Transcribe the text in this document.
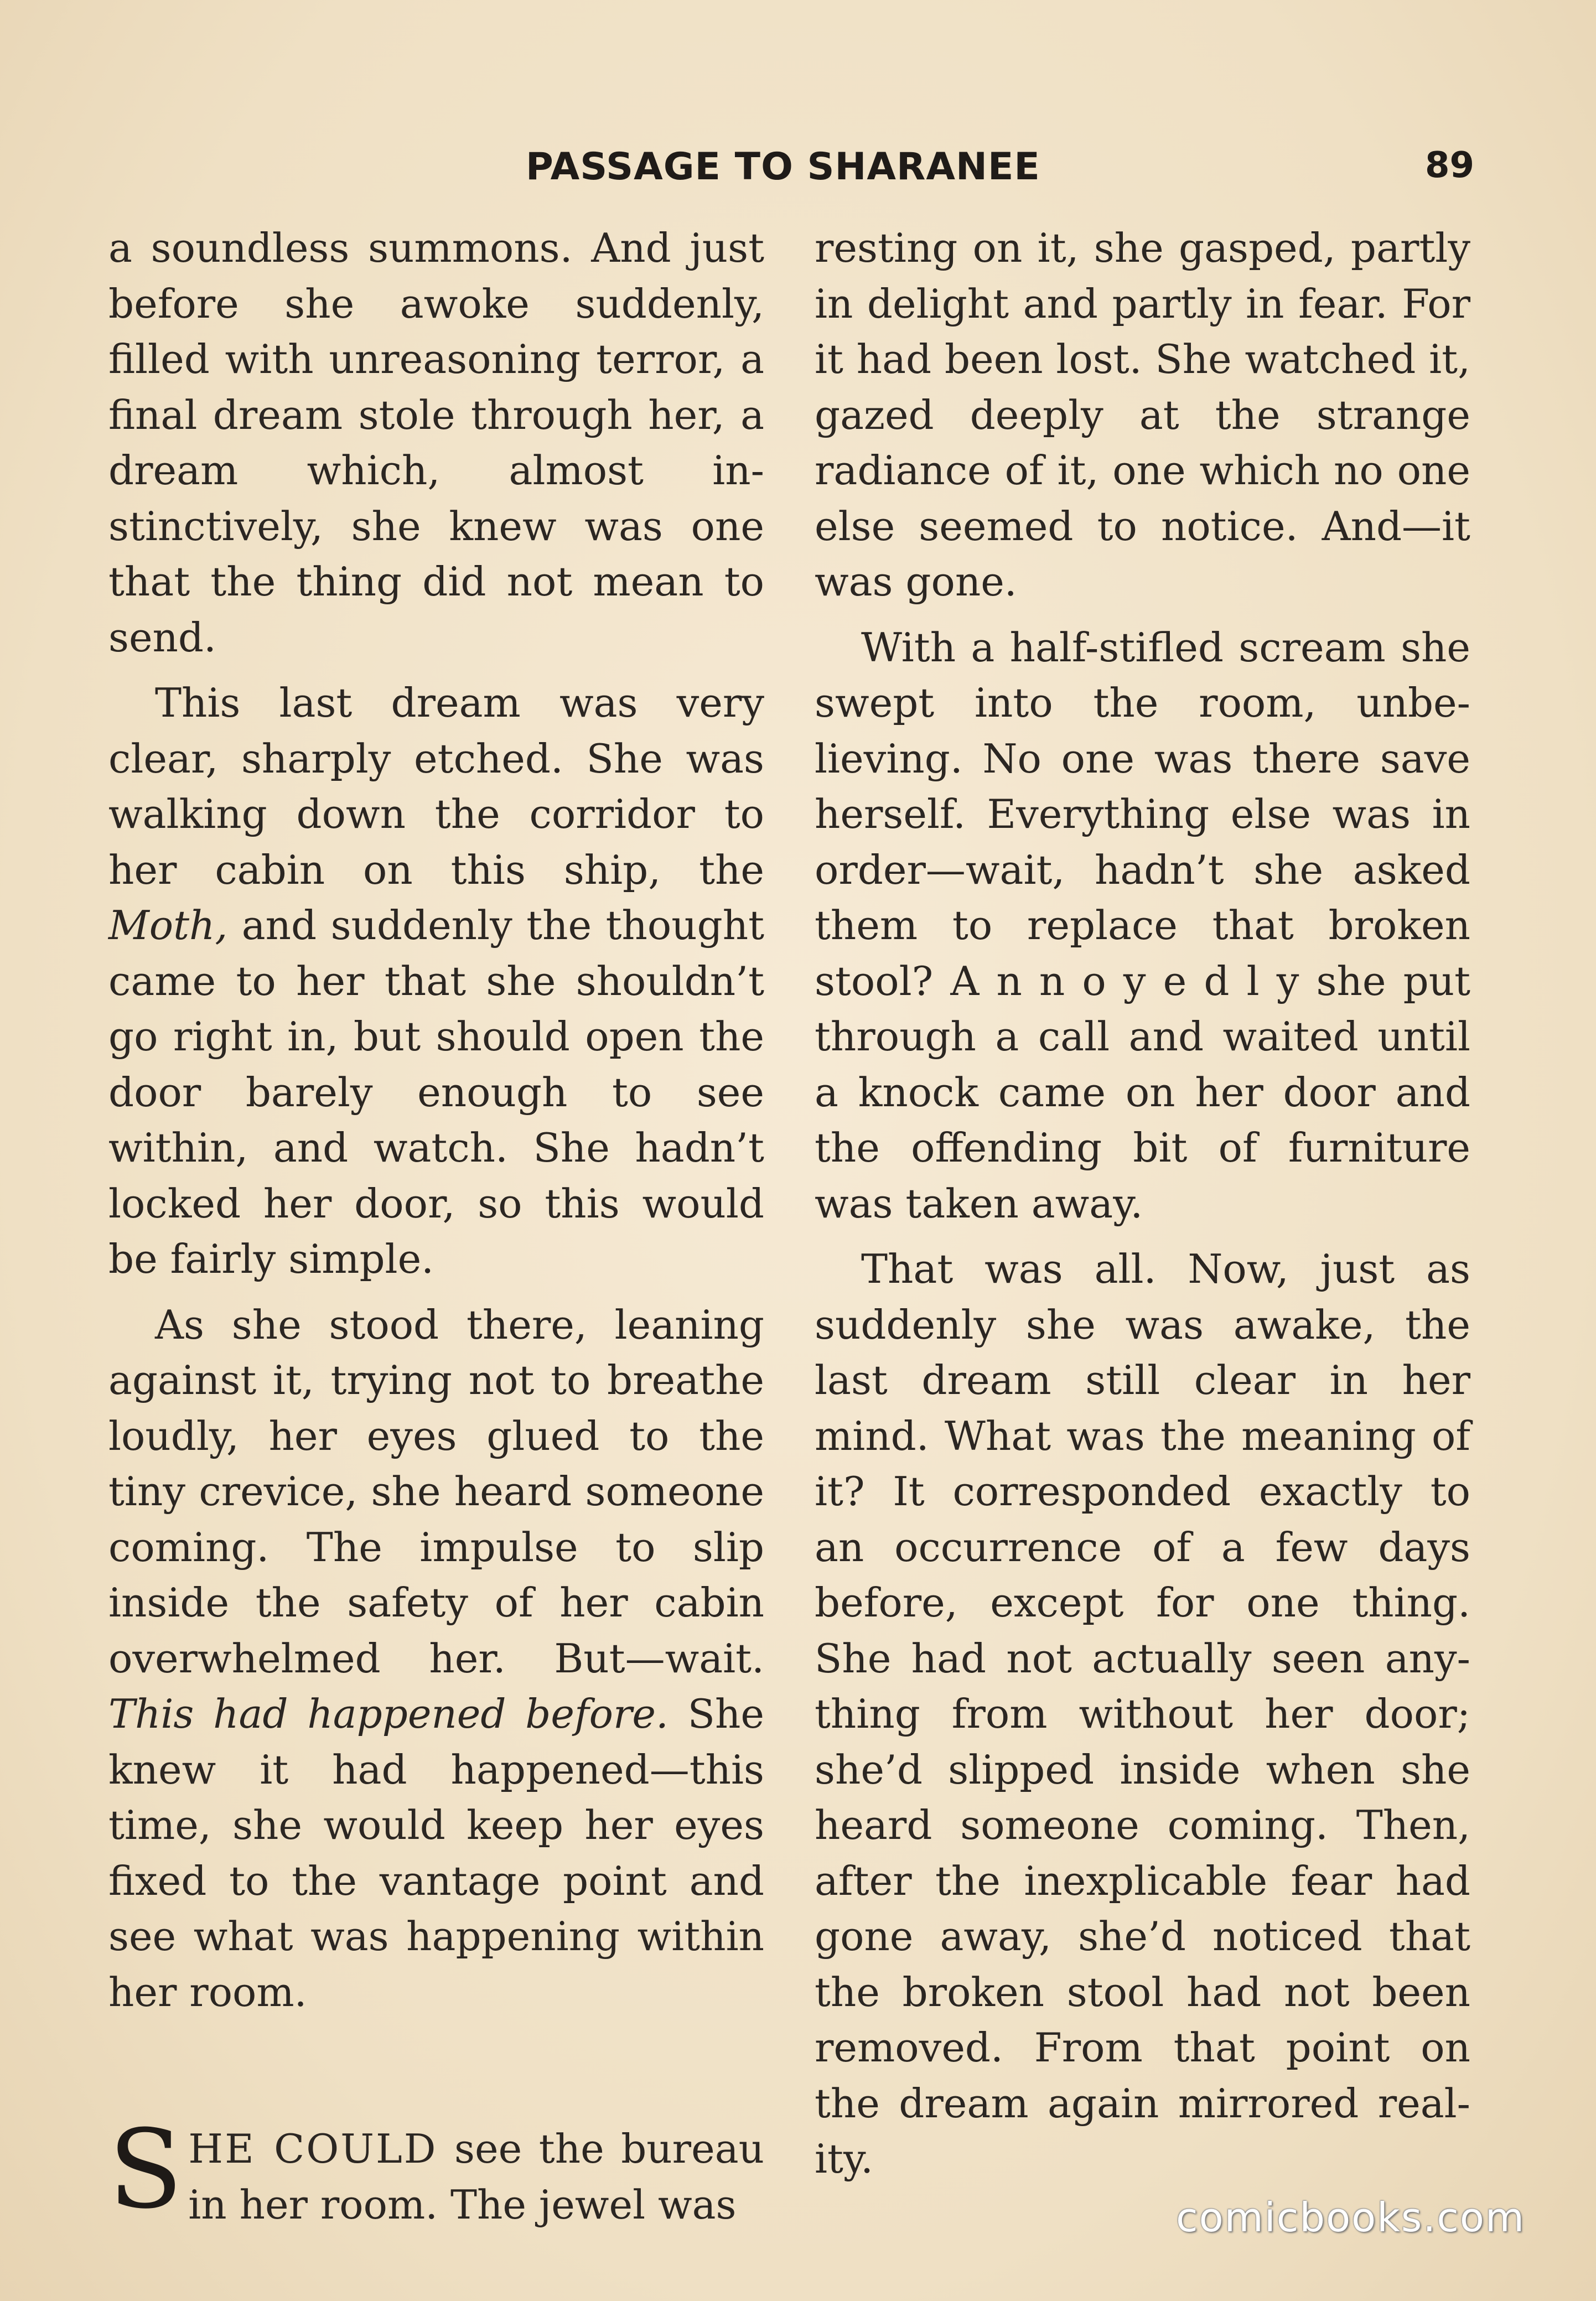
PASSAGE TO SHARANEE	89

a soundless summons. And just before she awoke suddenly, filled with unreasoning terror, a final dream stole through her, a dream which, almost instinctively, she knew was one that the thing did not mean to send.

This last dream was very clear, sharply etched. She was walking down the corridor to her cabin on this ship, the Moth, and suddenly the thought came to her that she shouldn’t go right in, but should open the door barely enough to see within, and watch. She hadn’t locked her door, so this would be fairly simple.

As she stood there, leaning against it, trying not to breathe loudly, her eyes glued to the tiny crevice, she heard someone coming. The impulse to slip inside the safety of her cabin overwhelmed her. But—wait. This had happened before. She knew it had happened—this time, she would keep her eyes fixed to the vantage point and see what was happening within her room.

SHE COULD see the bureau in her room. The jewel was

resting on it, she gasped, partly in delight and partly in fear. For it had been lost. She watched it, gazed deeply at the strange radiance of it, one which no one else seemed to notice. And—it was gone.

With a half-stifled scream she swept into the room, unbelieving. No one was there save herself. Everything else was in order—wait, hadn’t she asked them to replace that broken stool? A n n o y e d l y she put through a call and waited until a knock came on her door and the offending bit of furniture was taken away.

That was all. Now, just as suddenly she was awake, the last dream still clear in her mind. What was the meaning of it? It corresponded exactly to an occurrence of a few days before, except for one thing. She had not actually seen anything from without her door; she’d slipped inside when she heard someone coming. Then, after the inexplicable fear had gone away, she’d noticed that the broken stool had not been removed. From that point on the dream again mirrored reality.

comicbooks.com
